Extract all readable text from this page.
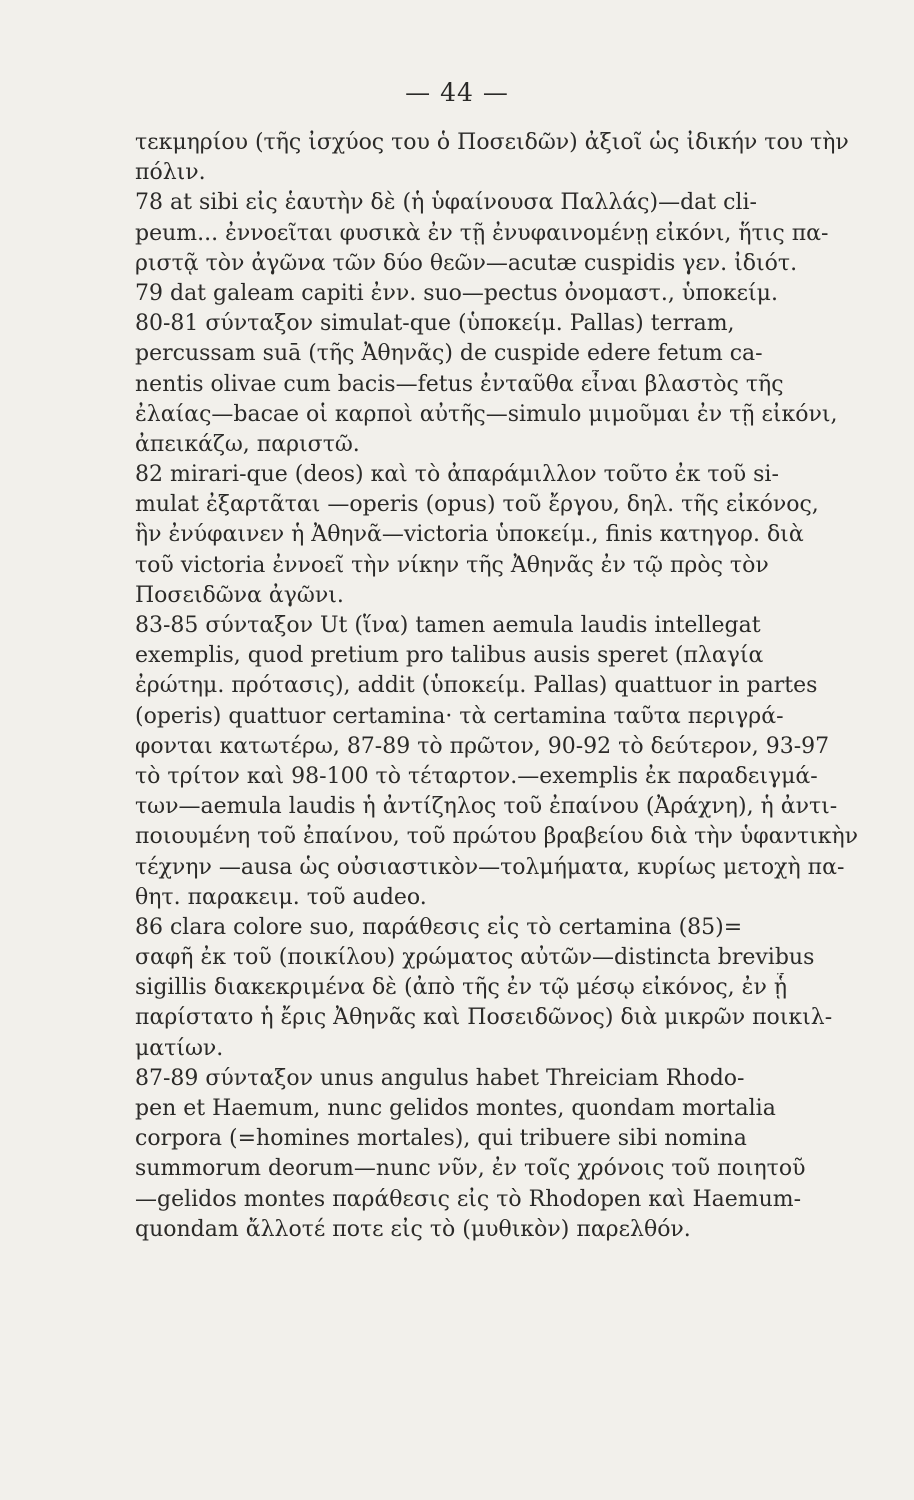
— 44 —
τεκμηρίου (τῆς ἰσχύος του ὁ Ποσειδῶν) ἀξιοῖ ὡς ἰδικήν του τὴν
πόλιν.
78 at sibi εἰς ἑαυτὴν δὲ (ἡ ὑφαίνουσα Παλλάς)—dat cli-
peum... ἐννοεῖται φυσικὰ ἐν τῇ ἐνυφαινομένῃ εἰκόνι, ἥτις πα-
ριστᾷ τὸν ἀγῶνα τῶν δύο θεῶν—acutæ cuspidis γεν. ἰδιότ.
79 dat galeam capiti ἐνν. suo—pectus ὀνομαστ., ὑποκείμ.
80-81 σύνταξον simulat-que (ὑποκείμ. Pallas) terram,
percussam suā (τῆς Ἀθηνᾶς) de cuspide edere fetum ca-
nentis olivae cum bacis—fetus ἐνταῦθα εἶναι βλαστὸς τῆς
ἐλαίας—bacae οἱ καρποὶ αὐτῆς—simulo μιμοῦμαι ἐν τῇ εἰκόνι,
ἀπεικάζω, παριστῶ.
82 mirari-que (deos) καὶ τὸ ἀπαράμιλλον τοῦτο ἐκ τοῦ si-
mulat ἐξαρτᾶται —operis (opus) τοῦ ἔργου, δηλ. τῆς εἰκόνος,
ἣν ἐνύφαινεν ἡ Ἀθηνᾶ—victoria ὑποκείμ., finis κατηγορ. διὰ
τοῦ victoria ἐννοεῖ τὴν νίκην τῆς Ἀθηνᾶς ἐν τῷ πρὸς τὸν
Ποσειδῶνα ἀγῶνι.
83-85 σύνταξον Ut (ἵνα) tamen aemula laudis intellegat
exemplis, quod pretium pro talibus ausis speret (πλαγία
ἐρώτημ. πρότασις), addit (ὑποκείμ. Pallas) quattuor in partes
(operis) quattuor certamina· τὰ certamina ταῦτα περιγρά-
φονται κατωτέρω, 87-89 τὸ πρῶτον, 90-92 τὸ δεύτερον, 93-97
τὸ τρίτον καὶ 98-100 τὸ τέταρτον.—exemplis ἐκ παραδειγμά-
των—aemula laudis ἡ ἀντίζηλος τοῦ ἐπαίνου (Ἀράχνη), ἡ ἀντι-
ποιουμένη τοῦ ἐπαίνου, τοῦ πρώτου βραβείου διὰ τὴν ὑφαντικὴν
τέχνην —ausa ὡς οὐσιαστικὸν—τολμήματα, κυρίως μετοχὴ πα-
θητ. παρακειμ. τοῦ audeo.
86 clara colore suo, παράθεσις εἰς τὸ certamina (85)=
σαφῆ ἐκ τοῦ (ποικίλου) χρώματος αὐτῶν—distincta brevibus
sigillis διακεκριμένα δὲ (ἀπὸ τῆς ἐν τῷ μέσῳ εἰκόνος, ἐν ᾗ
παρίστατο ἡ ἔρις Ἀθηνᾶς καὶ Ποσειδῶνος) διὰ μικρῶν ποικιλ-
ματίων.
87-89 σύνταξον unus angulus habet Threiciam Rhodo-
pen et Haemum, nunc gelidos montes, quondam mortalia
corpora (=homines mortales), qui tribuere sibi nomina
summorum deorum—nunc νῦν, ἐν τοῖς χρόνοις τοῦ ποιητοῦ
—gelidos montes παράθεσις εἰς τὸ Rhodopen καὶ Haemum-
quondam ἄλλοτέ ποτε εἰς τὸ (μυθικὸν) παρελθόν.
